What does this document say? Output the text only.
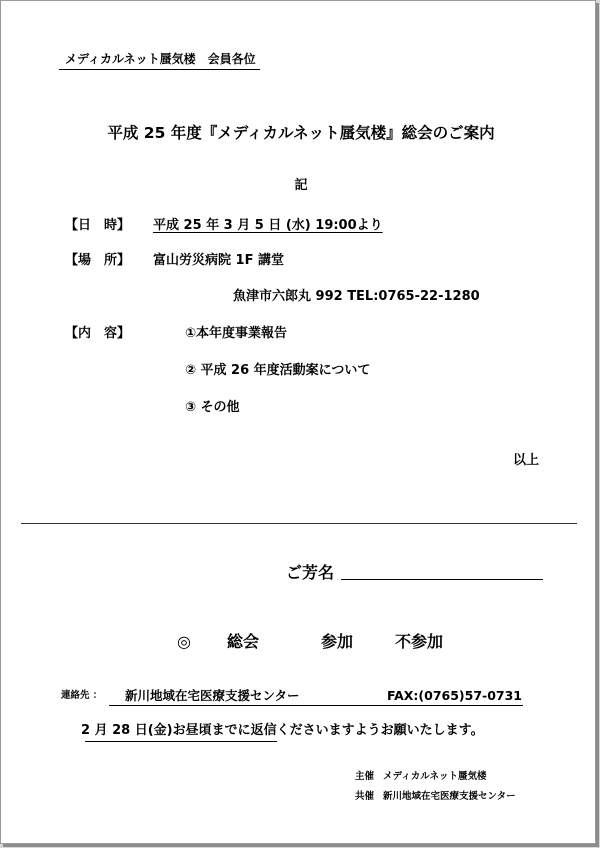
メディカルネット蜃気楼　会員各位
平成 25 年度『メディカルネット蜃気楼』総会のご案内
記
【日　時】 平成 25 年 3 月 5 日 (水) 19:00より
【場　所】 富山労災病院 1F 講堂
魚津市六郎丸 992 TEL:0765-22-1280
【内　容】	①本年度事業報告
② 平成 26 年度活動案について
③ その他
以上
ご芳名
◎ 総会	参加	不参加
連絡先 ： 新川地域在宅医療支援センター	FAX:(0765)57-0731
2 月 28 日(金)お昼頃までに返信くださいますようお願いたします。
主催 メディカルネット蜃気楼
共催 新川地域在宅医療支援センター
